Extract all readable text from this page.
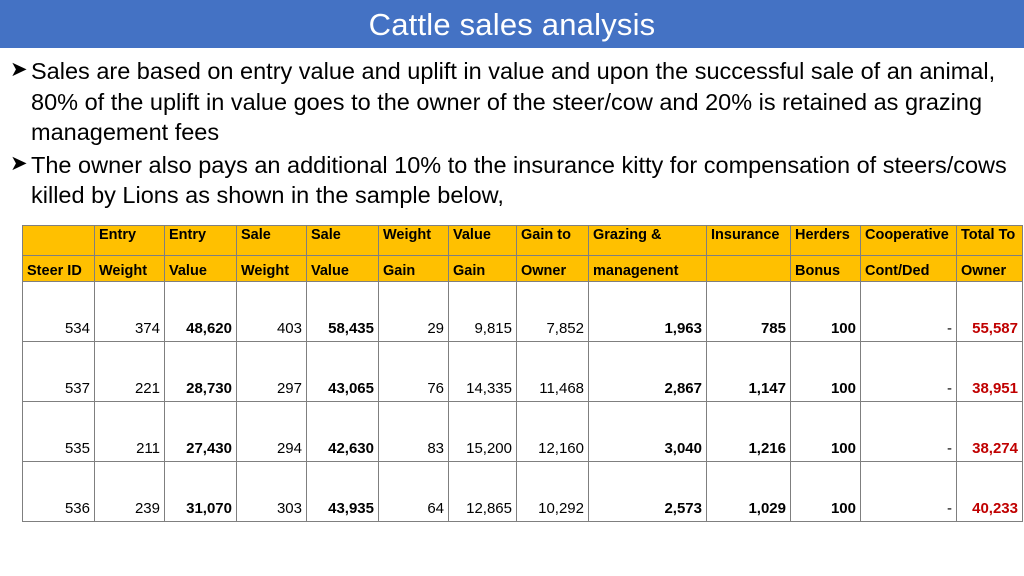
Cattle sales analysis
➤ Sales are based on entry value and uplift in value and upon the successful sale of an animal, 80% of the uplift in value goes to the owner of the steer/cow and 20% is retained as grazing management fees
➤ The owner also pays an additional 10% to the insurance kitty for compensation of steers/cows killed by Lions as shown in the sample below,
	Entry	Entry	Sale	Sale	Weight	Value	Gain to	Grazing &	Insurance	Herders	Cooperative	Total To
Steer ID	Weight	Value	Weight	Value	Gain	Gain	Owner	managenent		Bonus	Cont/Ded	Owner
534	374	48,620	403	58,435	29	9,815	7,852	1,963	785	100	-	55,587
537	221	28,730	297	43,065	76	14,335	11,468	2,867	1,147	100	-	38,951
535	211	27,430	294	42,630	83	15,200	12,160	3,040	1,216	100	-	38,274
536	239	31,070	303	43,935	64	12,865	10,292	2,573	1,029	100	-	40,233
